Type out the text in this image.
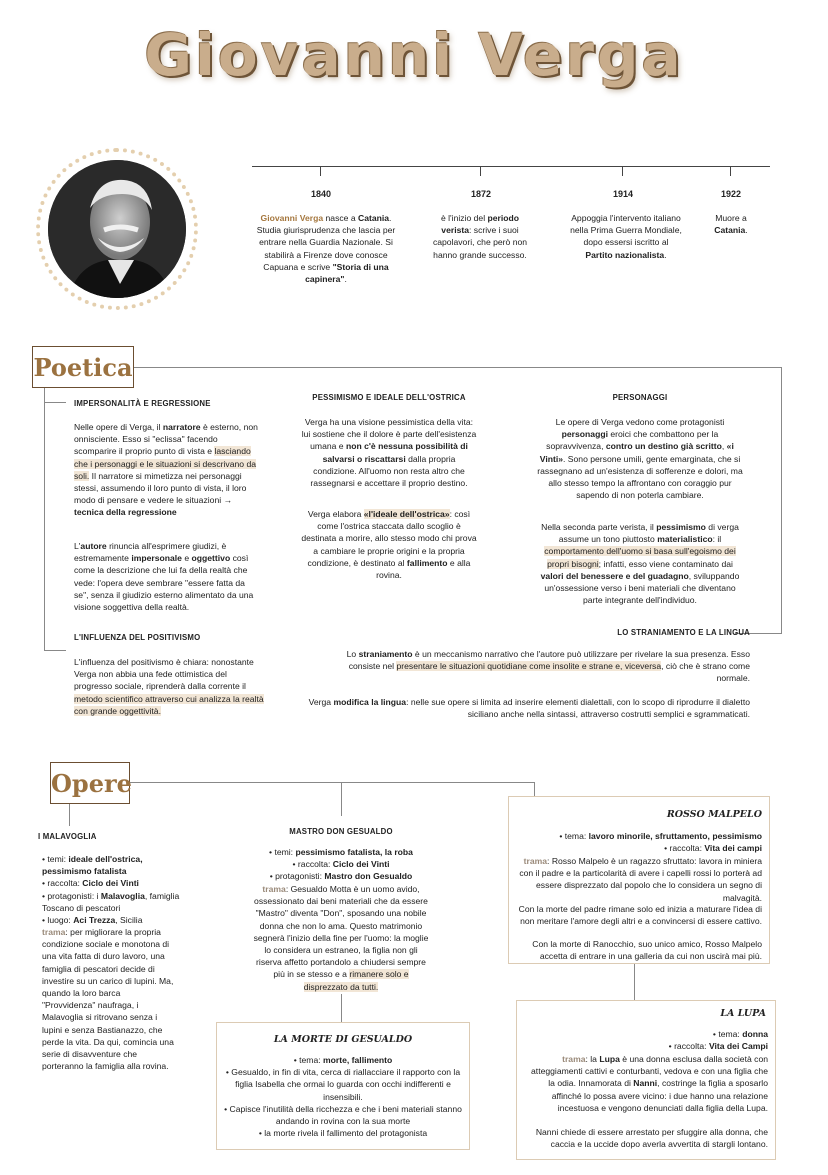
Giovanni Verga
1840	1872	1914	1922
Giovanni Verga nasce a Catania. Studia giurisprudenza che lascia per entrare nella Guardia Nazionale. Si stabilirà a Firenze dove conosce Capuana e scrive "Storia di una capinera".
è l'inizio del periodo verista: scrive i suoi capolavori, che però non hanno grande successo.
Appoggia l'intervento italiano nella Prima Guerra Mondiale, dopo essersi iscritto al Partito nazionalista.
Muore a Catania.
Poetica
IMPERSONALITÀ E REGRESSIONE
Nelle opere di Verga, il narratore è esterno, non onnisciente. Esso si "eclissa" facendo scomparire il proprio punto di vista e lasciando che i personaggi e le situazioni si descrivano da soli. Il narratore si mimetizza nei personaggi stessi, assumendo il loro punto di vista, il loro modo di pensare e vedere le situazioni → tecnica della regressione
L'autore rinuncia all'esprimere giudizi, è estremamente impersonale e oggettivo così come la descrizione che lui fa della realtà che vede: l'opera deve sembrare "essere fatta da se", senza il giudizio esterno alimentato da una visione soggettiva della realtà.
L'INFLUENZA DEL POSITIVISMO
L'influenza del positivismo è chiara: nonostante Verga non abbia una fede ottimistica del progresso sociale, riprenderà dalla corrente il metodo scientifico attraverso cui analizza la realtà con grande oggettività.
PESSIMISMO E IDEALE DELL'OSTRICA
Verga ha una visione pessimistica della vita: lui sostiene che il dolore è parte dell'esistenza umana e non c'è nessuna possibilità di salvarsi o riscattarsi dalla propria condizione. All'uomo non resta altro che rassegnarsi e accettare il proprio destino.
Verga elabora «l'ideale dell'ostrica»: così come l'ostrica staccata dallo scoglio è destinata a morire, allo stesso modo chi prova a cambiare le proprie origini e la propria condizione, è destinato al fallimento e alla rovina.
PERSONAGGI
Le opere di Verga vedono come protagonisti personaggi eroici che combattono per la sopravvivenza, contro un destino già scritto, «i Vinti». Sono persone umili, gente emarginata, che si rassegnano ad un'esistenza di sofferenze e dolori, ma allo stesso tempo la affrontano con coraggio pur sapendo di non poterla cambiare.
Nella seconda parte verista, il pessimismo di verga assume un tono piuttosto materialistico: il comportamento dell'uomo si basa sull'egoismo dei propri bisogni; infatti, esso viene contaminato dai valori del benessere e del guadagno, sviluppando un'ossessione verso i beni materiali che diventano parte integrante dell'individuo.
LO STRANIAMENTO E LA LINGUA
Lo straniamento è un meccanismo narrativo che l'autore può utilizzare per rivelare la sua presenza. Esso consiste nel presentare le situazioni quotidiane come insolite e strane e, viceversa, ciò che è strano come normale.
Verga modifica la lingua: nelle sue opere si limita ad inserire elementi dialettali, con lo scopo di riprodurre il dialetto siciliano anche nella sintassi, attraverso costrutti semplici e sgrammaticati.
Opere
I MALAVOGLIA
• temi: ideale dell'ostrica, pessimismo fatalista
• raccolta: Ciclo dei Vinti
• protagonisti: i Malavoglia, famiglia Toscano di pescatori
• luogo: Aci Trezza, Sicilia
trama: per migliorare la propria condizione sociale e monotona di una vita fatta di duro lavoro, una famiglia di pescatori decide di investire su un carico di lupini. Ma, quando la loro barca "Provvidenza" naufraga, i Malavoglia si ritrovano senza i lupini e senza Bastianazzo, che perde la vita. Da qui, comincia una serie di disavventure che porteranno la famiglia alla rovina.
MASTRO DON GESUALDO
• temi: pessimismo fatalista, la roba
• raccolta: Ciclo dei Vinti
• protagonisti: Mastro don Gesualdo
trama: Gesualdo Motta è un uomo avido, ossessionato dai beni materiali che da essere "Mastro" diventa "Don", sposando una nobile donna che non lo ama. Questo matrimonio segnerà l'inizio della fine per l'uomo: la moglie lo considera un estraneo, la figlia non gli riserva affetto portandolo a chiudersi sempre più in se stesso e a rimanere solo e disprezzato da tutti.
LA MORTE DI GESUALDO
• tema: morte, fallimento
• Gesualdo, in fin di vita, cerca di riallacciare il rapporto con la figlia Isabella che ormai lo guarda con occhi indifferenti e insensibili.
• Capisce l'inutilità della ricchezza e che i beni materiali stanno andando in rovina con la sua morte
• la morte rivela il fallimento del protagonista
ROSSO MALPELO
• tema: lavoro minorile, sfruttamento, pessimismo
• raccolta: Vita dei campi
trama: Rosso Malpelo è un ragazzo sfruttato: lavora in miniera con il padre e la particolarità di avere i capelli rossi lo porterà ad essere disprezzato dal popolo che lo considera un segno di malvagità.
Con la morte del padre rimane solo ed inizia a maturare l'idea di non meritare l'amore degli altri e a convincersi di essere cattivo.
Con la morte di Ranocchio, suo unico amico, Rosso Malpelo accetta di entrare in una galleria da cui non uscirà mai più.
LA LUPA
• tema: donna
• raccolta: Vita dei Campi
trama: la Lupa è una donna esclusa dalla società con atteggiamenti cattivi e conturbanti, vedova e con una figlia che la odia. Innamorata di Nanni, costringe la figlia a sposarlo affinché lo possa avere vicino: i due hanno una relazione incestuosa e vengono denunciati dalla figlia della Lupa.
Nanni chiede di essere arrestato per sfuggire alla donna, che caccia e la uccide dopo averla avvertita di stargli lontano.
